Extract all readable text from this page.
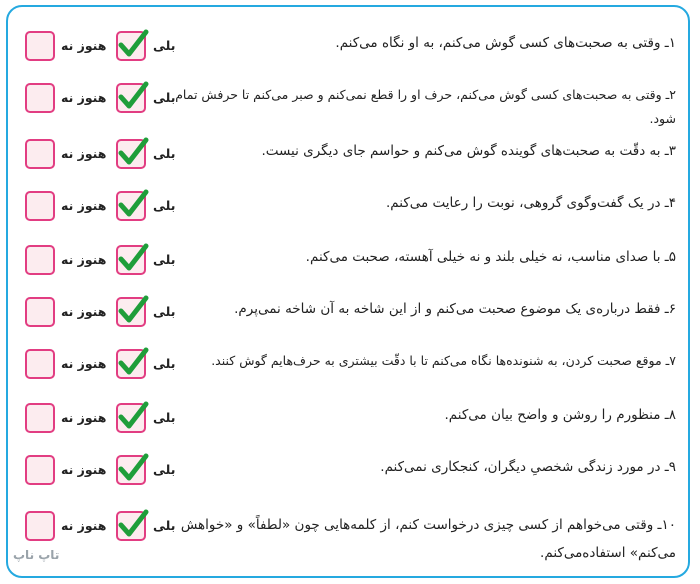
هنوز نه	بلی	۱ـ وقتی به صحبت‌های کسی گوش می‌کنم، به او نگاه می‌کنم.
هنوز نه	بلی ۲ـ وقتی به صحبت‌های کسی گوش می‌کنم، حرف او را قطع نمی‌کنم و صبر می‌کنم تا حرفش تمام شود.
هنوز نه	بلی	۳ـ به دقّت به صحبت‌های گوینده گوش می‌کنم و حواسم جای دیگری نیست.
هنوز نه	بلی	۴ـ در یک گفت‌وگوی گروهی، نوبت را رعایت می‌کنم.
هنوز نه	بلی	۵ـ با صدای مناسب، نه خیلی بلند و نه خیلی آهسته، صحبت می‌کنم.
هنوز نه	بلی	۶ـ فقط درباره‌ی یک موضوع صحبت می‌کنم و از این شاخه به آن شاخه نمی‌پرم.
هنوز نه	بلی	۷ـ موقع صحبت کردن، به شنونده‌ها نگاه می‌کنم تا با دقّت بیشتری به حرف‌هایم گوش کنند.
هنوز نه	بلی	۸ـ منظورم را روشن و واضح بیان می‌کنم.
هنوز نه	بلی	۹ـ در مورد زندگی شخصیِ دیگران، کنجکاری نمی‌کنم.
هنوز نه	بلی ۱۰ـ وقتی می‌خواهم از کسی چیزی درخواست کنم، از کلمه‌هایی چون «لطفاً» و «خواهش می‌کنم» استفاده‌می‌کنم.
تاپ ناپ
